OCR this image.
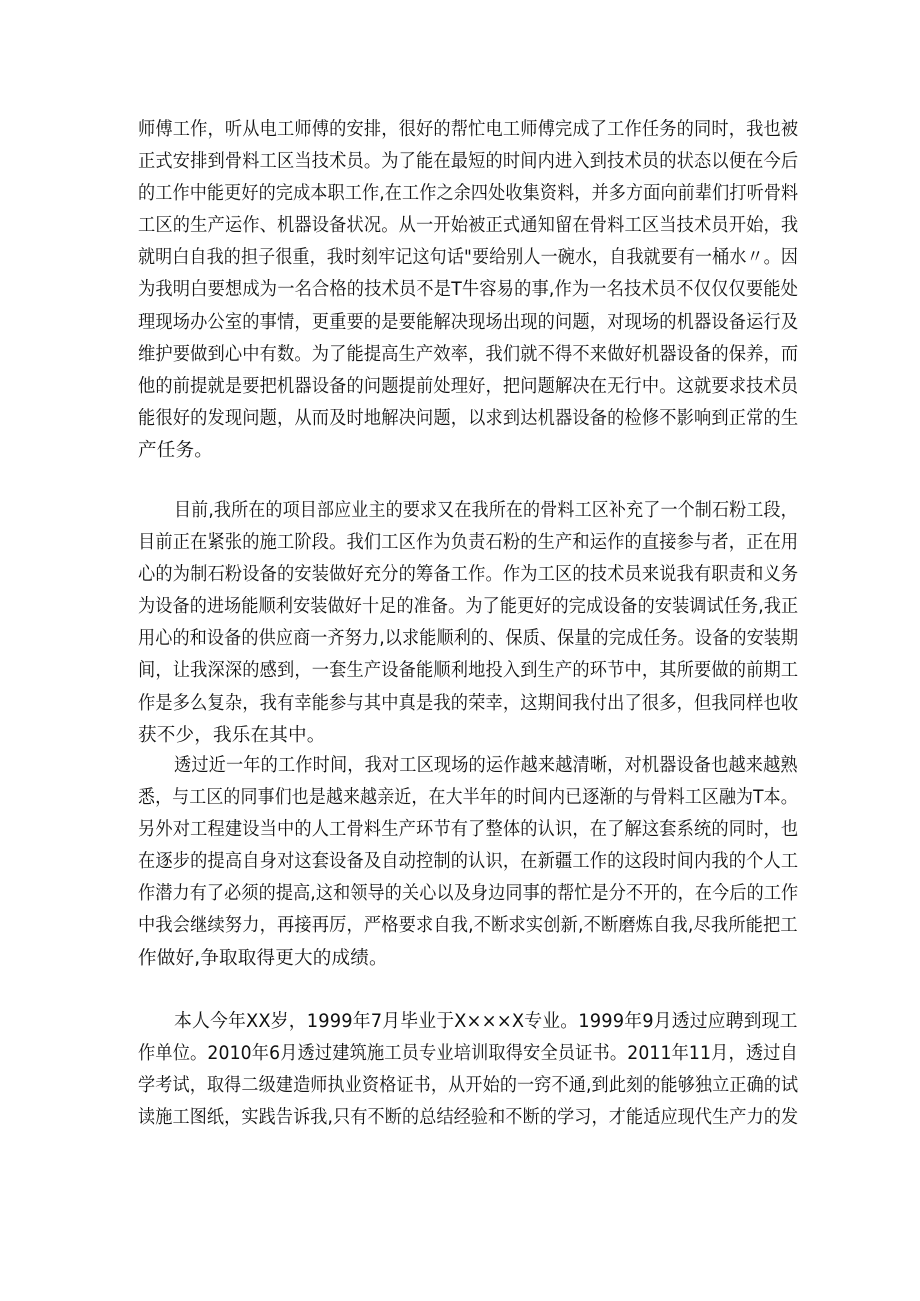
师傅工作，听从电工师傅的安排，很好的帮忙电工师傅完成了工作任务的同时，我也被
正式安排到骨料工区当技术员。为了能在最短的时间内进入到技术员的状态以便在今后
的工作中能更好的完成本职工作,在工作之余四处收集资料，并多方面向前辈们打听骨料
工区的生产运作、机器设备状况。从一开始被正式通知留在骨料工区当技术员开始，我
就明白自我的担子很重，我时刻牢记这句话"要给别人一碗水，自我就要有一桶水〃。因
为我明白要想成为一名合格的技术员不是T牛容易的事,作为一名技术员不仅仅仅要能处
理现场办公室的事情，更重要的是要能解决现场出现的问题，对现场的机器设备运行及
维护要做到心中有数。为了能提高生产效率，我们就不得不来做好机器设备的保养，而
他的前提就是要把机器设备的问题提前处理好，把问题解决在无行中。这就要求技术员
能很好的发现问题，从而及时地解决问题，以求到达机器设备的检修不影响到正常的生
产任务。
目前,我所在的项目部应业主的要求又在我所在的骨料工区补充了一个制石粉工段，
目前正在紧张的施工阶段。我们工区作为负责石粉的生产和运作的直接参与者，正在用
心的为制石粉设备的安装做好充分的筹备工作。作为工区的技术员来说我有职责和义务
为设备的进场能顺利安装做好十足的准备。为了能更好的完成设备的安装调试任务,我正
用心的和设备的供应商一齐努力,以求能顺利的、保质、保量的完成任务。设备的安装期
间，让我深深的感到，一套生产设备能顺利地投入到生产的环节中，其所要做的前期工
作是多么复杂，我有幸能参与其中真是我的荣幸，这期间我付出了很多，但我同样也收
获不少，我乐在其中。
透过近一年的工作时间，我对工区现场的运作越来越清晰，对机器设备也越来越熟
悉，与工区的同事们也是越来越亲近，在大半年的时间内已逐渐的与骨料工区融为T本。
另外对工程建设当中的人工骨料生产环节有了整体的认识，在了解这套系统的同时，也
在逐步的提高自身对这套设备及自动控制的认识，在新疆工作的这段时间内我的个人工
作潜力有了必须的提高,这和领导的关心以及身边同事的帮忙是分不开的，在今后的工作
中我会继续努力，再接再厉，严格要求自我,不断求实创新,不断磨炼自我,尽我所能把工
作做好,争取取得更大的成绩。
本人今年XX岁，1999年7月毕业于X×××X专业。1999年9月透过应聘到现工
作单位。2010年6月透过建筑施工员专业培训取得安全员证书。2011年11月，透过自
学考试，取得二级建造师执业资格证书，从开始的一窍不通,到此刻的能够独立正确的试
读施工图纸，实践告诉我,只有不断的总结经验和不断的学习，才能适应现代生产力的发
